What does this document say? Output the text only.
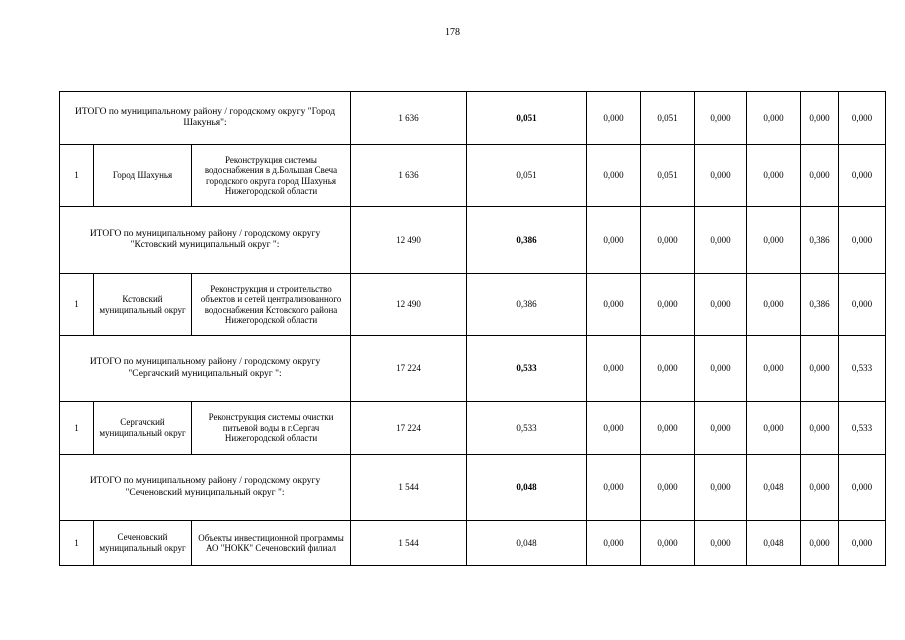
178
ИТОГО по муниципальному району / городскому округу "Город Шакунья":			1 636	0,051	0,000	0,051	0,000	0,000	0,000	0,000
1	Город Шахунья	Реконструкция системы водоснабжения в д.Большая Свеча городского округа город Шахунья Нижегородской области	1 636	0,051	0,000	0,051	0,000	0,000	0,000	0,000
ИТОГО по муниципальному району / городскому округу "Кстовский муниципальный округ ":			12 490	0,386	0,000	0,000	0,000	0,000	0,386	0,000
1	Кстовский муниципальный округ	Реконструкция и строительство объектов и сетей централизованного водоснабжения Кстовского района Нижегородской области	12 490	0,386	0,000	0,000	0,000	0,000	0,386	0,000
ИТОГО по муниципальному району / городскому округу "Сергачский муниципальный округ ":			17 224	0,533	0,000	0,000	0,000	0,000	0,000	0,533
1	Сергачский муниципальный округ	Реконструкция системы очистки питьевой воды в г.Сергач Нижегородской области	17 224	0,533	0,000	0,000	0,000	0,000	0,000	0,533
ИТОГО по муниципальному району / городскому округу "Сеченовский муниципальный округ ":			1 544	0,048	0,000	0,000	0,000	0,048	0,000	0,000
1	Сеченовский муниципальный округ	Объекты инвестиционной программы АО "НОКК" Сеченовский филиал	1 544	0,048	0,000	0,000	0,000	0,048	0,000	0,000
